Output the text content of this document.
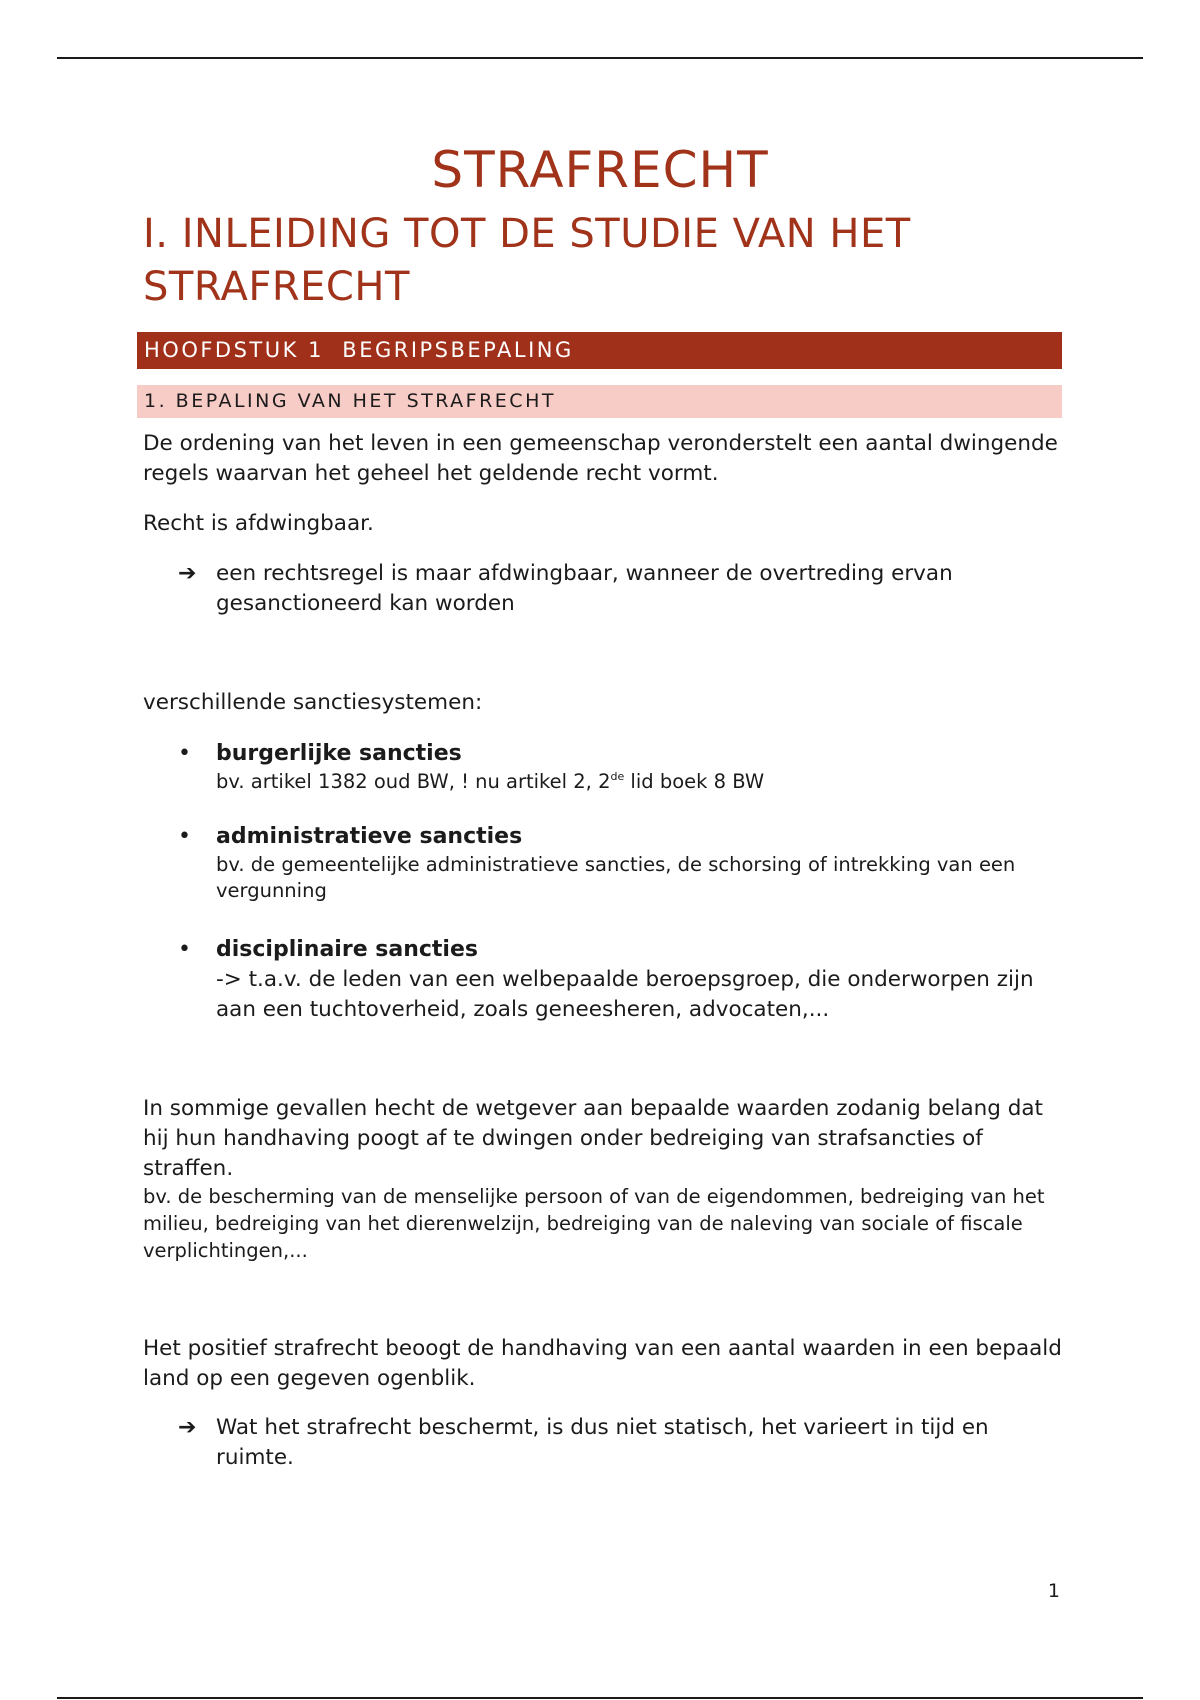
STRAFRECHT
I. INLEIDING TOT DE STUDIE VAN HET STRAFRECHT
HOOFDSTUK 1  BEGRIPSBEPALING
1. BEPALING VAN HET STRAFRECHT

De ordening van het leven in een gemeenschap veronderstelt een aantal dwingende regels waarvan het geheel het geldende recht vormt.

Recht is afdwingbaar.

➔ een rechtsregel is maar afdwingbaar, wanneer de overtreding ervan gesanctioneerd kan worden

verschillende sanctiesystemen:

•	burgerlijke sancties

bv. artikel 1382 oud BW, ! nu artikel 2, 2de lid boek 8 BW

•	administratieve sancties

bv. de gemeentelijke administratieve sancties, de schorsing of intrekking van een vergunning

•	disciplinaire sancties

-> t.a.v. de leden van een welbepaalde beroepsgroep, die onderworpen zijn aan een tuchtoverheid, zoals geneesheren, advocaten,...

In sommige gevallen hecht de wetgever aan bepaalde waarden zodanig belang dat hij hun handhaving poogt af te dwingen onder bedreiging van strafsancties of straffen.

bv. de bescherming van de menselijke persoon of van de eigendommen, bedreiging van het milieu, bedreiging van het dierenwelzijn, bedreiging van de naleving van sociale of fiscale verplichtingen,...

Het positief strafrecht beoogt de handhaving van een aantal waarden in een bepaald land op een gegeven ogenblik.

➔ Wat het strafrecht beschermt, is dus niet statisch, het varieert in tijd en ruimte.

1
